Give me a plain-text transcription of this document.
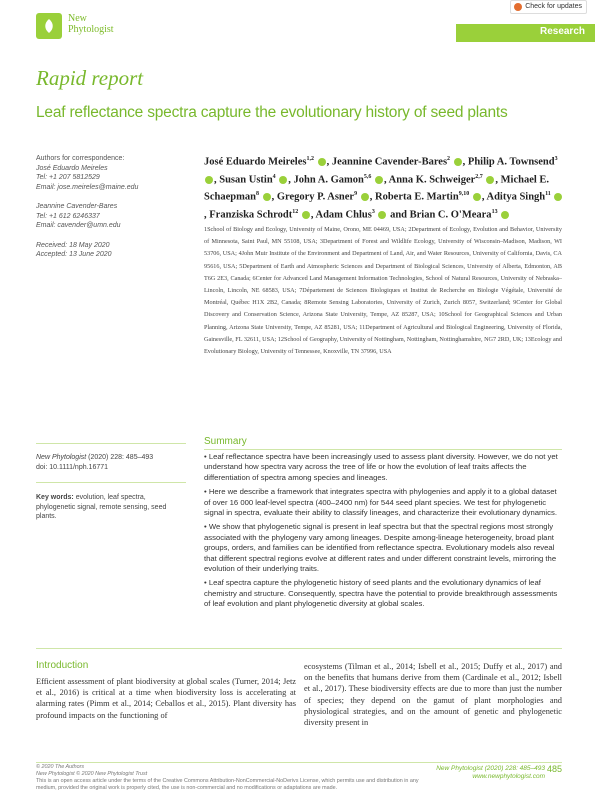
New
Phytologist
Check for updates
Research
Rapid report
Leaf reflectance spectra capture the evolutionary history of seed plants
Authors for correspondence:
José Eduardo Meireles
Tel: +1 207 5812529
Email: jose.meireles@maine.edu
Jeannine Cavender-Bares
Tel: +1 612 6246337
Email: cavender@umn.edu
Received: 18 May 2020
Accepted: 13 June 2020
New Phytologist (2020) 228: 485–493
doi: 10.1111/nph.16771
Key words: evolution, leaf spectra, phylogenetic signal, remote sensing, seed plants.
José Eduardo Meireles$^{1,2}$ , Jeannine Cavender-Bares$^2$ , Philip A. Townsend$^3$ , Susan Ustin$^4$ , John A. Gamon$^{5,6}$ , Anna K. Schweiger$^{2,7}$ , Michael E. Schaepman$^8$ , Gregory P. Asner$^9$ , Roberta E. Martin$^{9,10}$ , Aditya Singh$^{11}$ , Franziska Schrodt$^{12}$ , Adam Chlus$^3$  and Brian C. O'Meara$^{13}$
1School of Biology and Ecology, University of Maine, Orono, ME 04469, USA; 2Department of Ecology, Evolution and Behavior, University of Minnesota, Saint Paul, MN 55108, USA; 3Department of Forest and Wildlife Ecology, University of Wisconsin–Madison, Madison, WI 53706, USA; 4John Muir Institute of the Environment and Department of Land, Air, and Water Resources, University of California, Davis, CA 95616, USA; 5Department of Earth and Atmospheric Sciences and Department of Biological Sciences, University of Alberta, Edmonton, AB T6G 2E3, Canada; 6Center for Advanced Land Management Information Technologies, School of Natural Resources, University of Nebraska–Lincoln, Lincoln, NE 68583, USA; 7Département de Sciences Biologiques et Institut de Recherche en Biologie Végétale, Université de Montréal, Québec H1X 2B2, Canada; 8Remote Sensing Laboratories, University of Zurich, Zurich 8057, Switzerland; 9Center for Global Discovery and Conservation Science, Arizona State University, Tempe, AZ 85287, USA; 10School for Geographical Sciences and Urban Planning, Arizona State University, Tempe, AZ 85281, USA; 11Department of Agricultural and Biological Engineering, University of Florida, Gainesville, FL 32611, USA; 12School of Geography, University of Nottingham, Nottingham, Nottinghamshire, NG7 2RD, UK; 13Ecology and Evolutionary Biology, University of Tennessee, Knoxville, TN 37996, USA
Summary

• Leaf reflectance spectra have been increasingly used to assess plant diversity. However, we do not yet understand how spectra vary across the tree of life or how the evolution of leaf traits affects the differentiation of spectra among species and lineages.

• Here we describe a framework that integrates spectra with phylogenies and apply it to a global dataset of over 16 000 leaf-level spectra (400–2400 nm) for 544 seed plant species. We test for phylogenetic signal in spectra, evaluate their ability to classify lineages, and characterize their evolutionary dynamics.

• We show that phylogenetic signal is present in leaf spectra but that the spectral regions most strongly associated with the phylogeny vary among lineages. Despite among-lineage heterogeneity, broad plant groups, orders, and families can be identified from reflectance spectra. Evolutionary models also reveal that different spectral regions evolve at different rates and under different constraint levels, mirroring the evolution of their underlying traits.

• Leaf spectra capture the phylogenetic history of seed plants and the evolutionary dynamics of leaf chemistry and structure. Consequently, spectra have the potential to provide breakthrough assessments of leaf evolution and plant phylogenetic diversity at global scales.

Introduction
Efficient assessment of plant biodiversity at global scales (Turner, 2014; Jetz et al., 2016) is critical at a time when biodiversity loss is accelerating at alarming rates (Pimm et al., 2014; Ceballos et al., 2015). Plant diversity has profound impacts on the functioning of
ecosystems (Tilman et al., 2014; Isbell et al., 2015; Duffy et al., 2017) and on the benefits that humans derive from them (Cardinale et al., 2012; Isbell et al., 2017). These biodiversity effects are due to more than just the number of species; they depend on the gamut of plant morphologies and physiological strategies, and on the amount of genetic and phylogenetic diversity present in
© 2020 The Authors
New Phytologist © 2020 New Phytologist Trust
This is an open access article under the terms of the Creative Commons Attribution-NonCommercial-NoDerivs License, which permits use and distribution in any medium, provided the original work is properly cited, the use is non-commercial and no modifications or adaptations are made.
New Phytologist (2020) 228: 485–493
www.newphytologist.com
485
